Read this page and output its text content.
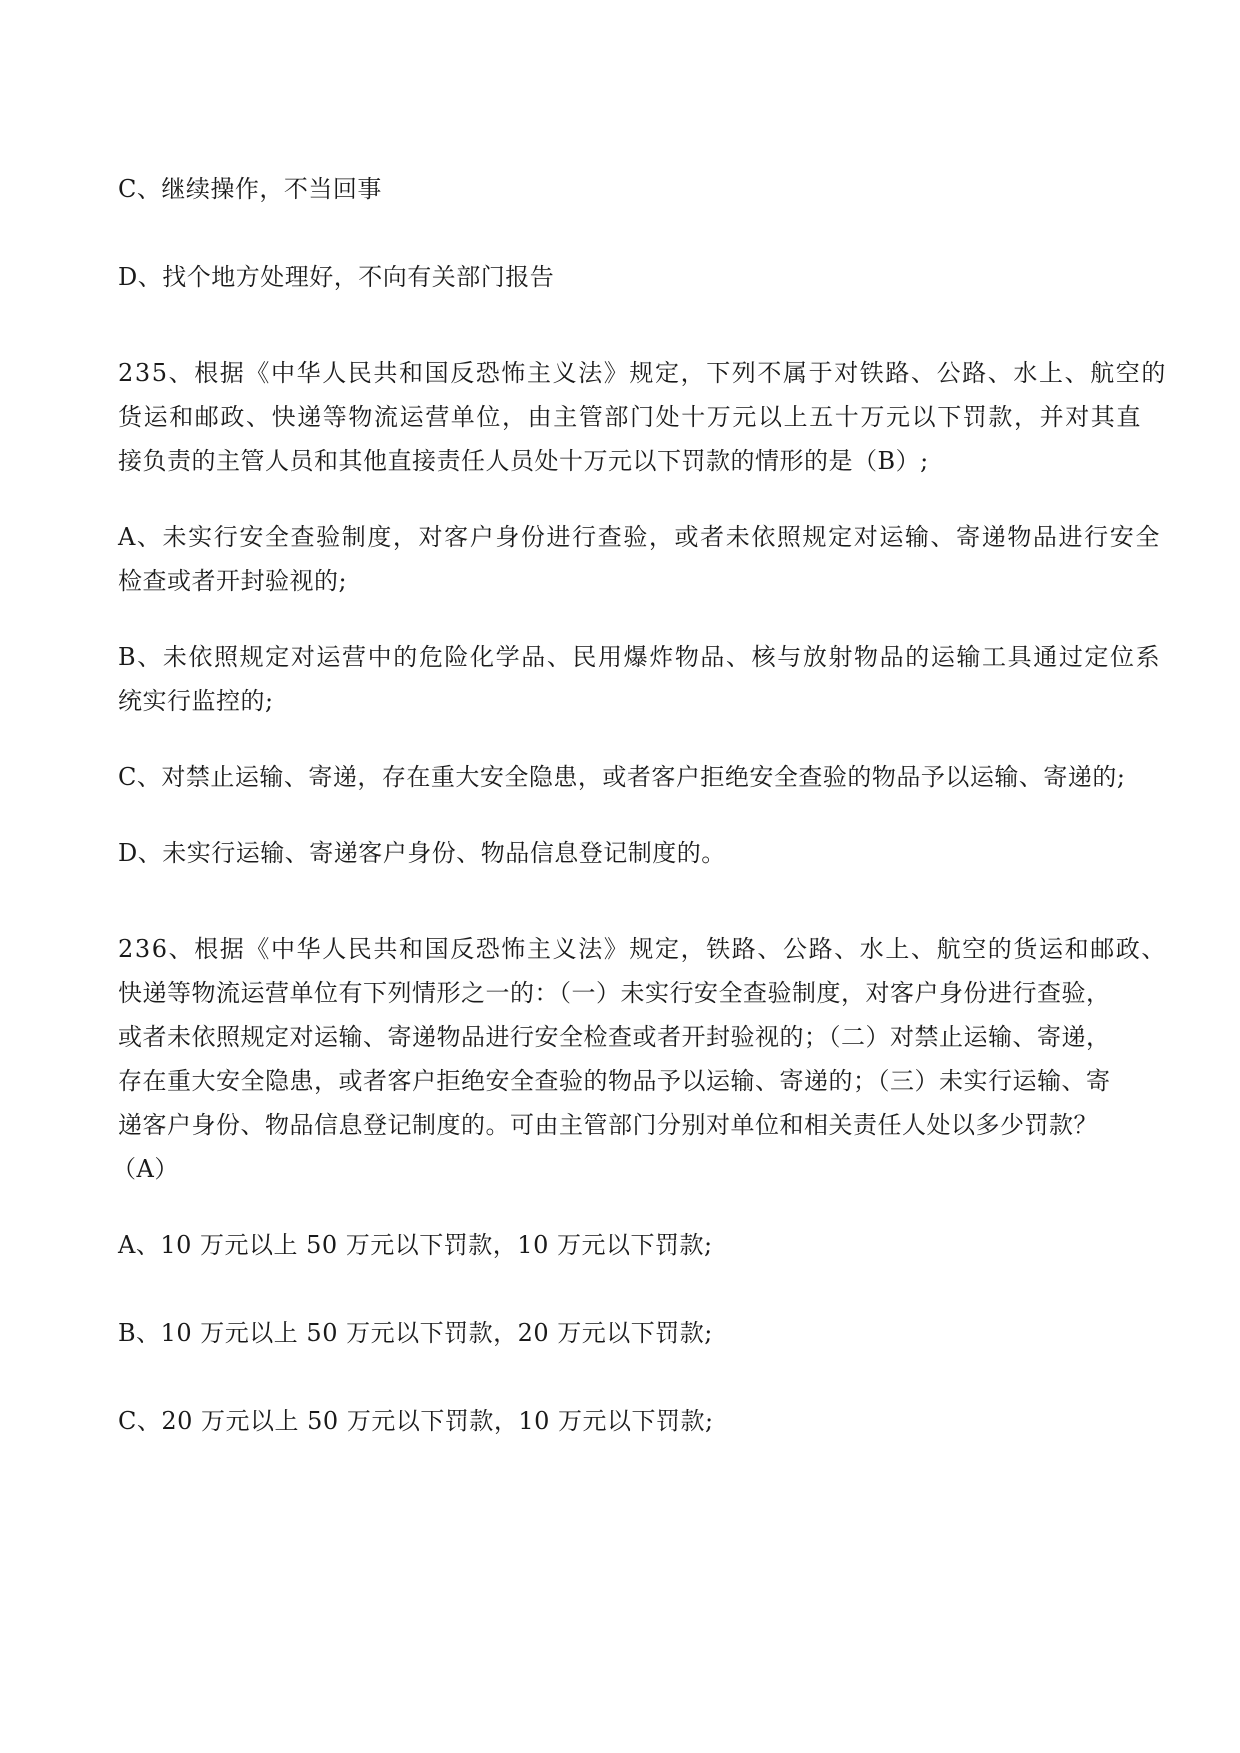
C、继续操作，不当回事
D、找个地方处理好，不向有关部门报告
235、根据《中华人民共和国反恐怖主义法》规定，下列不属于对铁路、公路、水上、航空的
货运和邮政、快递等物流运营单位，由主管部门处十万元以上五十万元以下罚款，并对其直
接负责的主管人员和其他直接责任人员处十万元以下罚款的情形的是（B）;
A、未实行安全查验制度，对客户身份进行查验，或者未依照规定对运输、寄递物品进行安全
检查或者开封验视的;
B、未依照规定对运营中的危险化学品、民用爆炸物品、核与放射物品的运输工具通过定位系
统实行监控的;
C、对禁止运输、寄递，存在重大安全隐患，或者客户拒绝安全查验的物品予以运输、寄递的;
D、未实行运输、寄递客户身份、物品信息登记制度的。
236、根据《中华人民共和国反恐怖主义法》规定，铁路、公路、水上、航空的货运和邮政、
快递等物流运营单位有下列情形之一的：（一）未实行安全查验制度，对客户身份进行查验，
或者未依照规定对运输、寄递物品进行安全检查或者开封验视的；（二）对禁止运输、寄递，
存在重大安全隐患，或者客户拒绝安全查验的物品予以运输、寄递的；（三）未实行运输、寄
递客户身份、物品信息登记制度的。可由主管部门分别对单位和相关责任人处以多少罚款？
（A）
A、10 万元以上 50 万元以下罚款，10 万元以下罚款;
B、10 万元以上 50 万元以下罚款，20 万元以下罚款;
C、20 万元以上 50 万元以下罚款，10 万元以下罚款;
